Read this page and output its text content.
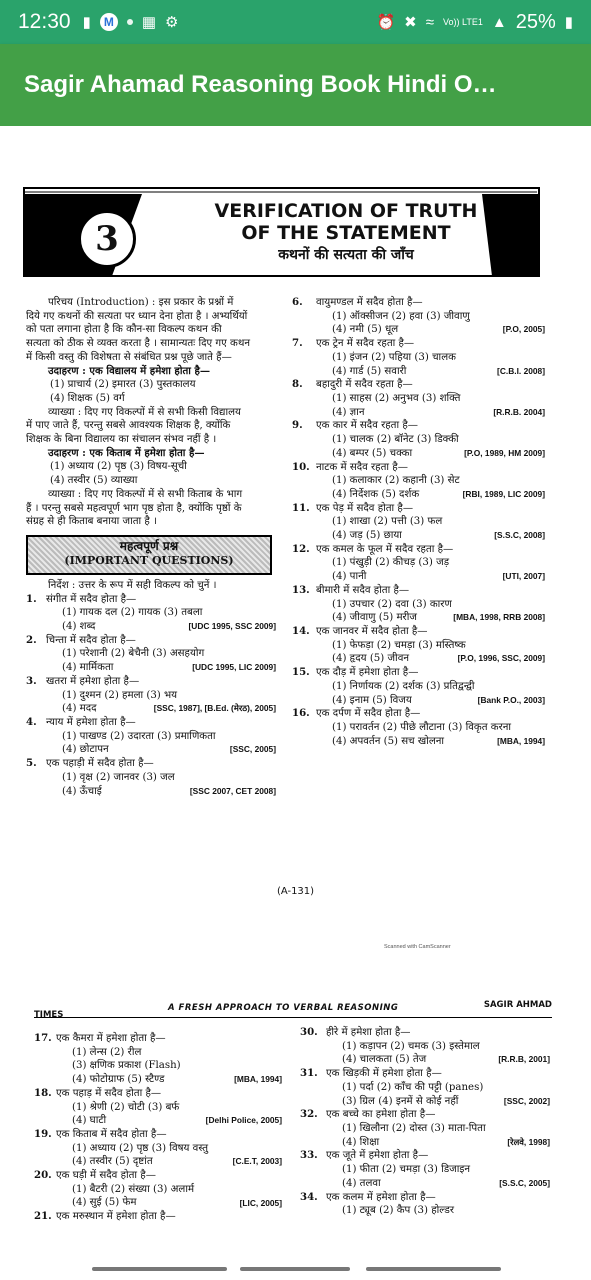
12:30 ▮	M ▦ ⚙	⏰ ✖ ≈ Vo)) LTE1 ▲ 25% ▮
Sagir Ahamad Reasoning Book Hindi O…
3
VERIFICATION OF TRUTH
OF THE STATEMENT
कथनों की सत्यता की जाँच
परिचय (Introduction) : इस प्रकार के प्रश्नों में
दिये गए कथनों की सत्यता पर ध्यान देना होता है । अभ्यर्थियों
को पता लगाना होता है कि कौन-सा विकल्प कथन की
सत्यता को ठीक से व्यक्त करता है । सामान्यतः दिए गए कथन
में किसी वस्तु की विशेषता से संबंधित प्रश्न पूछे जाते हैं—
उदाहरण : एक विद्यालय में हमेशा होता है—
(1) प्राचार्य (2) इमारत (3) पुस्तकालय
(4) शिक्षक (5) वर्ग
व्याख्या : दिए गए विकल्पों में से सभी किसी विद्यालय
में पाए जाते हैं, परन्तु सबसे आवश्यक शिक्षक है, क्योंकि
शिक्षक के बिना विद्यालय का संचालन संभव नहीं है ।
उदाहरण : एक किताब में हमेशा होता है—
(1) अध्याय (2) पृष्ठ (3) विषय-सूची
(4) तस्वीर (5) व्याख्या
व्याख्या : दिए गए विकल्पों में से सभी किताब के भाग
हैं । परन्तु सबसे महत्वपूर्ण भाग पृष्ठ होता है, क्योंकि पृष्ठों के
संग्रह से ही किताब बनाया जाता है ।
महत्वपूर्ण प्रश्न
(IMPORTANT QUESTIONS)
निर्देश : उत्तर के रूप में सही विकल्प को चुनें ।
1. संगीत में सदैव होता है—
(1) गायक दल (2) गायक (3) तबला
(4) शब्द	[UDC 1995, SSC 2009]
2. चिन्ता में सदैव होता है—
(1) परेशानी (2) बेचैनी (3) असहयोग
(4) मार्मिकता	[UDC 1995, LIC 2009]
3. खतरा में हमेशा होता है—
(1) दुश्मन (2) हमला (3) भय
(4) मदद	[SSC, 1987], [B.Ed. (मेरठ), 2005]
4. न्याय में हमेशा होता है—
(1) पाखण्ड (2) उदारता (3) प्रमाणिकता
(4) छोटापन	[SSC, 2005]
5. एक पहाड़ी में सदैव होता है—
(1) वृक्ष (2) जानवर (3) जल
(4) ऊँचाई	[SSC 2007, CET 2008]
6. वायुमण्डल में सदैव होता है—
(1) ऑक्सीजन (2) हवा (3) जीवाणु
(4) नमी (5) धूल	[P.O, 2005]
7. एक ट्रेन में सदैव रहता है—
(1) इंजन (2) पहिया (3) चालक
(4) गार्ड (5) सवारी	[C.B.I. 2008]
8. बहादुरी में सदैव रहता है—
(1) साहस (2) अनुभव (3) शक्ति
(4) ज्ञान	[R.R.B. 2004]
9. एक कार में सदैव रहता है—
(1) चालक (2) बॉनेट (3) डिक्की
(4) बम्पर (5) चक्का	[P.O, 1989, HM 2009]
10. नाटक में सदैव रहता है—
(1) कलाकार (2) कहानी (3) सेट
(4) निर्देशक (5) दर्शक	[RBI, 1989, LIC 2009]
11. एक पेड़ में सदैव होता है—
(1) शाखा (2) पत्ती (3) फल
(4) जड़ (5) छाया	[S.S.C, 2008]
12. एक कमल के फूल में सदैव रहता है—
(1) पंखुड़ी (2) कीचड़ (3) जड़
(4) पानी	[UTI, 2007]
13. बीमारी में सदैव होता है—
(1) उपचार (2) दवा (3) कारण
(4) जीवाणु (5) मरीज	[MBA, 1998, RRB 2008]
14. एक जानवर में सदैव होता है—
(1) फेफड़ा (2) चमड़ा (3) मस्तिष्क
(4) हृदय (5) जीवन	[P.O, 1996, SSC, 2009]
15. एक दौड़ में हमेशा होता है—
(1) निर्णायक (2) दर्शक (3) प्रतिद्वन्द्वी
(4) इनाम (5) विजय	[Bank P.O., 2003]
16. एक दर्पण में सदैव होता है—
(1) परावर्तन (2) पीछे लौटाना (3) विकृत करना
(4) अपवर्तन (5) सच खोलना	[MBA, 1994]
(A-131)
Scanned with CamScanner
TIMES
A FRESH APPROACH TO VERBAL REASONING	SAGIR AHMAD
17. एक कैमरा में हमेशा होता है—
(1) लेन्स (2) रील
(3) क्षणिक प्रकाश (Flash)
(4) फोटोग्राफ (5) स्टैण्ड	[MBA, 1994]
18. एक पहाड़ में सदैव होता है—
(1) श्रेणी (2) चोटी (3) बर्फ
(4) घाटी	[Delhi Police, 2005]
19. एक किताब में सदैव होता है—
(1) अध्याय (2) पृष्ठ (3) विषय वस्तु
(4) तस्वीर (5) दृष्टांत	[C.E.T, 2003]
20. एक घड़ी में सदैव होता है—
(1) बैटरी (2) संख्या (3) अलार्म
(4) सुई (5) फेम	[LIC, 2005]
21. एक मरुस्थान में हमेशा होता है—
30. हीरे में हमेशा होता है—
(1) कड़ापन (2) चमक (3) इस्तेमाल
(4) चालकता (5) तेज	[R.R.B, 2001]
31. एक खिड़की में हमेशा होता है—
(1) पर्दा (2) काँच की पट्टी (panes)
(3) ग्रिल (4) इनमें से कोई नहीं	[SSC, 2002]
32. एक बच्चे का हमेशा होता है—
(1) खिलौना (2) दोस्त (3) माता-पिता
(4) शिक्षा	[रेलवे, 1998]
33. एक जूते में हमेशा होता है—
(1) फीता (2) चमड़ा (3) डिजाइन
(4) तलवा	[S.S.C, 2005]
34. एक कलम में हमेशा होता है—
(1) ट्यूब (2) कैप (3) होल्डर
